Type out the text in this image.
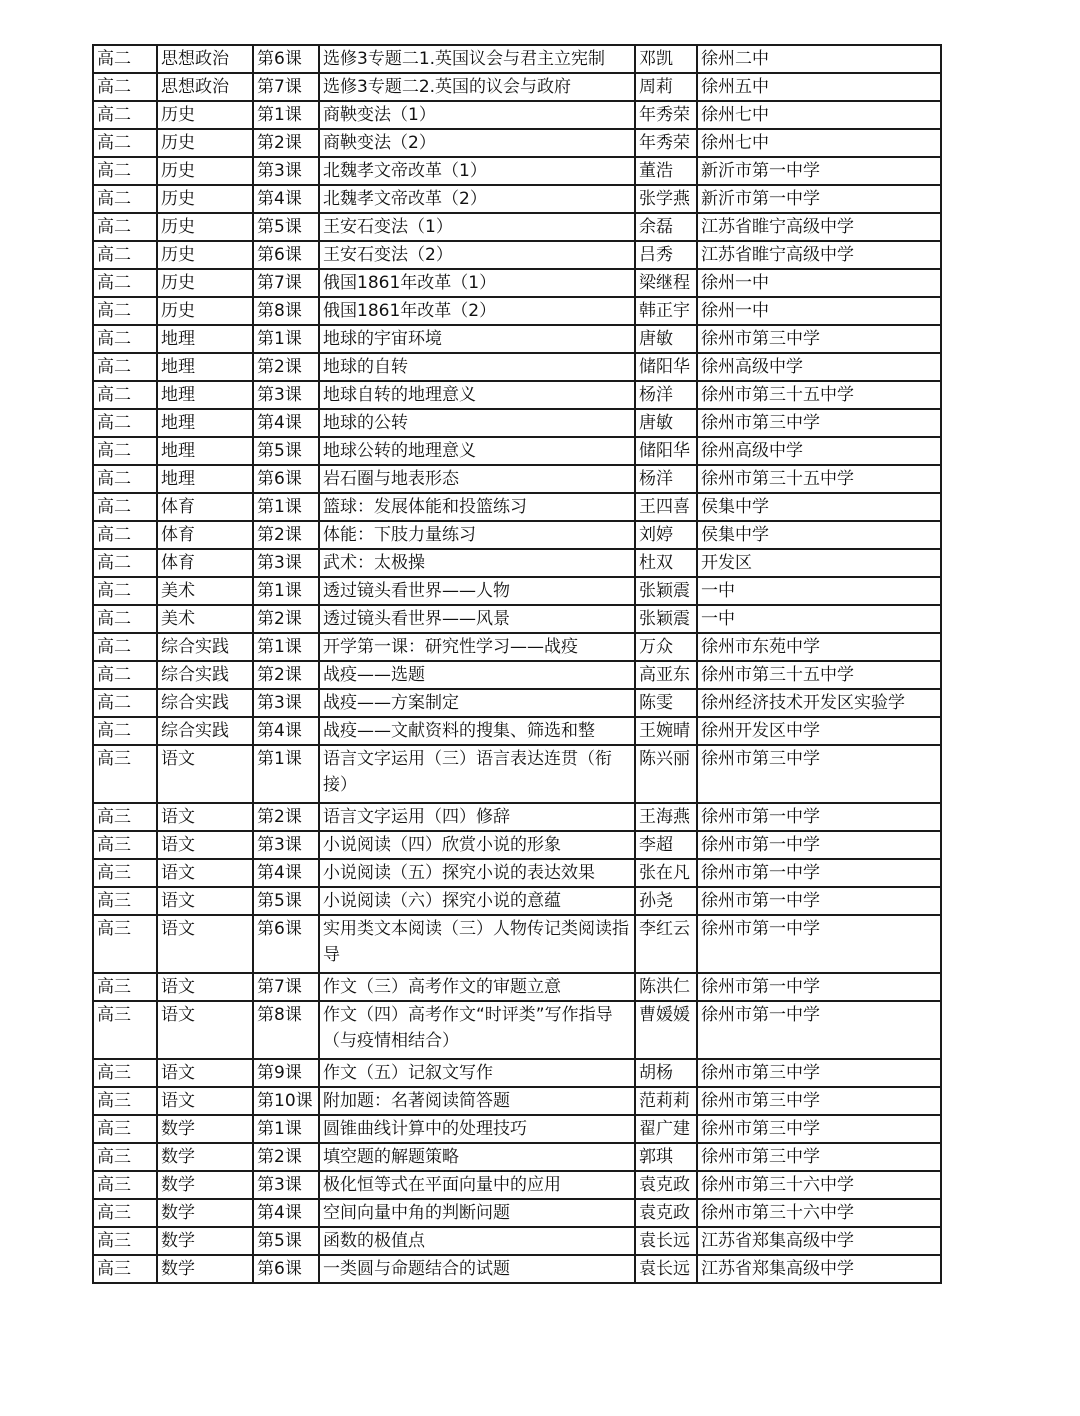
高二	思想政治	第6课	选修3专题二1.英国议会与君主立宪制	邓凯	徐州二中
高二	思想政治	第7课	选修3专题二2.英国的议会与政府	周莉	徐州五中
高二	历史	第1课	商鞅变法（1）	年秀荣	徐州七中
高二	历史	第2课	商鞅变法（2）	年秀荣	徐州七中
高二	历史	第3课	北魏孝文帝改革（1）	董浩	新沂市第一中学
高二	历史	第4课	北魏孝文帝改革（2）	张学燕	新沂市第一中学
高二	历史	第5课	王安石变法（1）	余磊	江苏省睢宁高级中学
高二	历史	第6课	王安石变法（2）	吕秀	江苏省睢宁高级中学
高二	历史	第7课	俄国1861年改革（1）	梁继程	徐州一中
高二	历史	第8课	俄国1861年改革（2）	韩正宇	徐州一中
高二	地理	第1课	地球的宇宙环境	唐敏	徐州市第三中学
高二	地理	第2课	地球的自转	储阳华	徐州高级中学
高二	地理	第3课	地球自转的地理意义	杨洋	徐州市第三十五中学
高二	地理	第4课	地球的公转	唐敏	徐州市第三中学
高二	地理	第5课	地球公转的地理意义	储阳华	徐州高级中学
高二	地理	第6课	岩石圈与地表形态	杨洋	徐州市第三十五中学
高二	体育	第1课	篮球：发展体能和投篮练习	王四喜	侯集中学
高二	体育	第2课	体能：下肢力量练习	刘婷	侯集中学
高二	体育	第3课	武术：太极操	杜双	开发区
高二	美术	第1课	透过镜头看世界——人物	张颖震	一中
高二	美术	第2课	透过镜头看世界——风景	张颖震	一中
高二	综合实践	第1课	开学第一课：研究性学习——战疫	万众	徐州市东苑中学
高二	综合实践	第2课	战疫——选题	高亚东	徐州市第三十五中学
高二	综合实践	第3课	战疫——方案制定	陈雯	徐州经济技术开发区实验学
高二	综合实践	第4课	战疫——文献资料的搜集、筛选和整	王婉晴	徐州开发区中学
高三	语文	第1课	语言文字运用（三）语言表达连贯（衔接）	陈兴丽	徐州市第三中学
高三	语文	第2课	语言文字运用（四）修辞	王海燕	徐州市第一中学
高三	语文	第3课	小说阅读（四）欣赏小说的形象	李超	徐州市第一中学
高三	语文	第4课	小说阅读（五）探究小说的表达效果	张在凡	徐州市第一中学
高三	语文	第5课	小说阅读（六）探究小说的意蕴	孙尧	徐州市第一中学
高三	语文	第6课	实用类文本阅读（三）人物传记类阅读指导	李红云	徐州市第一中学
高三	语文	第7课	作文（三）高考作文的审题立意	陈洪仁	徐州市第一中学
高三	语文	第8课	作文（四）高考作文“时评类”写作指导（与疫情相结合）	曹媛媛	徐州市第一中学
高三	语文	第9课	作文（五）记叙文写作	胡杨	徐州市第三中学
高三	语文	第10课	附加题：名著阅读简答题	范莉莉	徐州市第三中学
高三	数学	第1课	圆锥曲线计算中的处理技巧	翟广建	徐州市第三中学
高三	数学	第2课	填空题的解题策略	郭琪	徐州市第三中学
高三	数学	第3课	极化恒等式在平面向量中的应用	袁克政	徐州市第三十六中学
高三	数学	第4课	空间向量中角的判断问题	袁克政	徐州市第三十六中学
高三	数学	第5课	函数的极值点	袁长远	江苏省郑集高级中学
高三	数学	第6课	一类圆与命题结合的试题	袁长远	江苏省郑集高级中学
